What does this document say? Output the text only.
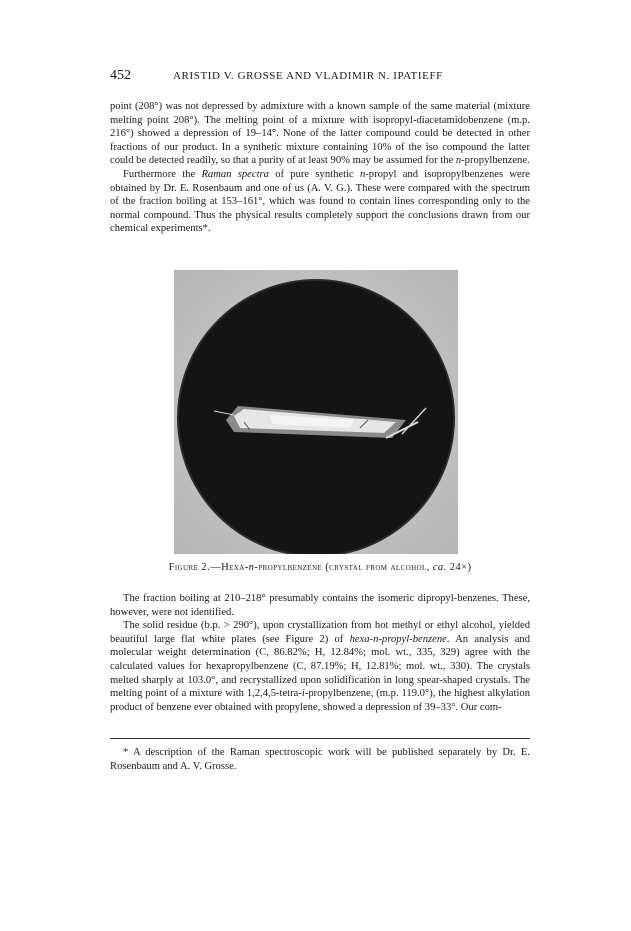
452	ARISTID V. GROSSE AND VLADIMIR N. IPATIEFF

point (208°) was not depressed by admixture with a known sample of the same material (mixture melting point 208°). The melting point of a mixture with isopropyl-diacetamidobenzene (m.p. 216°) showed a depression of 19–14°. None of the latter compound could be detected in other fractions of our product. In a synthetic mixture containing 10% of the iso compound the latter could be detected readily, so that a purity of at least 90% may be assumed for the n-propylbenzene.

Furthermore the Raman spectra of pure synthetic n-propyl and isopropylbenzenes were obtained by Dr. E. Rosenbaum and one of us (A. V. G.). These were compared with the spectrum of the fraction boiling at 153–161°, which was found to contain lines corresponding only to the normal compound. Thus the physical results completely support the conclusions drawn from our chemical experiments*.

Figure 2.—Hexa-n-propylbenzene (crystal from alcohol, ca. 24×)

The fraction boiling at 210–218° presumably contains the isomeric dipropyl-benzenes. These, however, were not identified.

The solid residue (b.p. > 290°), upon crystallization from hot methyl or ethyl alcohol, yielded beautiful large flat white plates (see Figure 2) of hexa-n-propyl-benzene. An analysis and molecular weight determination (C, 86.82%; H, 12.84%; mol. wt., 335, 329) agree with the calculated values for hexapropylbenzene (C, 87.19%; H, 12.81%; mol. wt., 330). The crystals melted sharply at 103.0°, and recrystallized upon solidification in long spear-shaped crystals. The melting point of a mixture with 1,2,4,5-tetra-i-propylbenzene, (m.p. 119.0°), the highest alkylation product of benzene ever obtained with propylene, showed a depression of 39–33°. Our com-

* A description of the Raman spectroscopic work will be published separately by Dr. E. Rosenbaum and A. V. Grosse.
